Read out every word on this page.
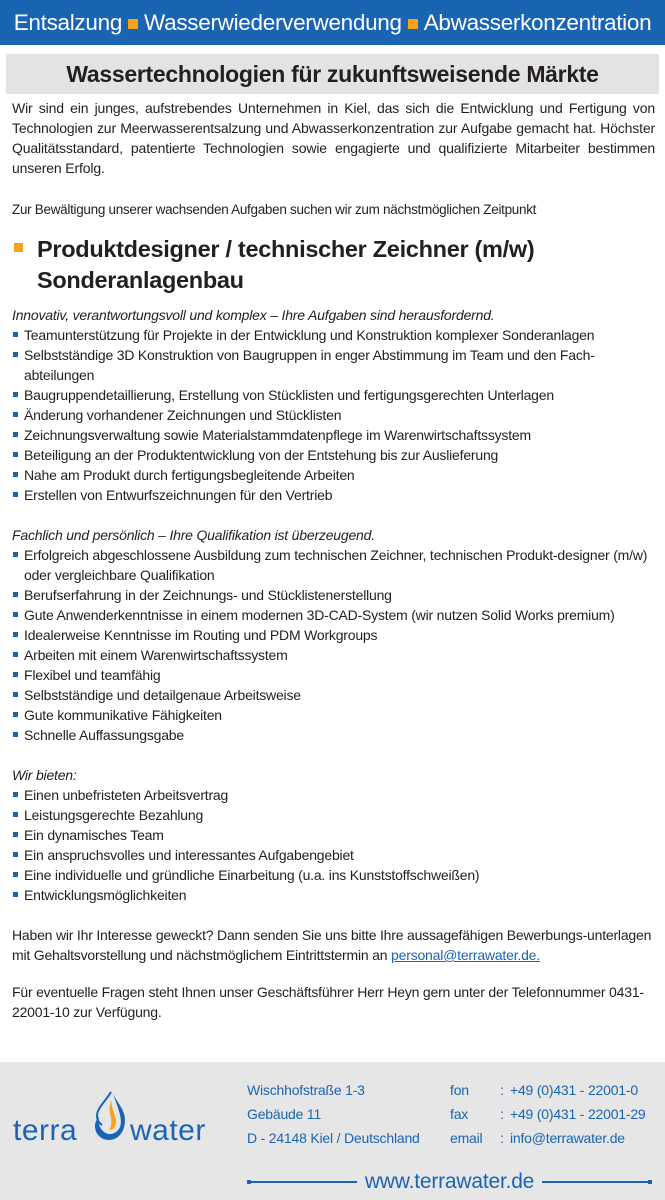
Entsalzung Wasserwiederverwendung Abwasserkonzentration
Wassertechnologien für zukunftsweisende Märkte

Wir sind ein junges, aufstrebendes Unternehmen in Kiel, das sich die Entwicklung und Fertigung von Technologien zur Meerwasserentsalzung und Abwasserkonzentration zur Aufgabe gemacht hat. Höchster Qualitätsstandard, patentierte Technologien sowie engagierte und qualifizierte Mitarbeiter bestimmen unseren Erfolg.

Zur Bewältigung unserer wachsenden Aufgaben suchen wir zum nächstmöglichen Zeitpunkt

Produktdesigner / technischer Zeichner (m/w)
Sonderanlagenbau

Innovativ, verantwortungsvoll und komplex – Ihre Aufgaben sind herausfordernd.

Teamunterstützung für Projekte in der Entwicklung und Konstruktion komplexer Sonderanlagen
Selbstständige 3D Konstruktion von Baugruppen in enger Abstimmung im Team und den Fach-abteilungen
Baugruppendetaillierung, Erstellung von Stücklisten und fertigungsgerechten Unterlagen
Änderung vorhandener Zeichnungen und Stücklisten
Zeichnungsverwaltung sowie Materialstammdatenpflege im Warenwirtschaftssystem
Beteiligung an der Produktentwicklung von der Entstehung bis zur Auslieferung
Nahe am Produkt durch fertigungsbegleitende Arbeiten
Erstellen von Entwurfszeichnungen für den Vertrieb

Fachlich und persönlich – Ihre Qualifikation ist überzeugend.

Erfolgreich abgeschlossene Ausbildung zum technischen Zeichner, technischen Produkt-designer (m/w) oder vergleichbare Qualifikation
Berufserfahrung in der Zeichnungs- und Stücklistenerstellung
Gute Anwenderkenntnisse in einem modernen 3D-CAD-System (wir nutzen Solid Works premium)
Idealerweise Kenntnisse im Routing und PDM Workgroups
Arbeiten mit einem Warenwirtschaftssystem
Flexibel und teamfähig
Selbstständige und detailgenaue Arbeitsweise
Gute kommunikative Fähigkeiten
Schnelle Auffassungsgabe

Wir bieten:

Einen unbefristeten Arbeitsvertrag
Leistungsgerechte Bezahlung
Ein dynamisches Team
Ein anspruchsvolles und interessantes Aufgabengebiet
Eine individuelle und gründliche Einarbeitung (u.a. ins Kunststoffschweißen)
Entwicklungsmöglichkeiten

Haben wir Ihr Interesse geweckt? Dann senden Sie uns bitte Ihre aussagefähigen Bewerbungs-unterlagen mit Gehaltsvorstellung und nächstmöglichem Eintrittstermin an personal@terrawater.de.

Für eventuelle Fragen steht Ihnen unser Geschäftsführer Herr Heyn gern unter der Telefonnummer 0431-22001-10 zur Verfügung.

terra water
Wischhofstraße 1-3
Gebäude 11
D - 24148 Kiel / Deutschland
fon	: +49 (0)431 - 22001-0
fax	: +49 (0)431 - 22001-29
email	: info@terrawater.de
www.terrawater.de
